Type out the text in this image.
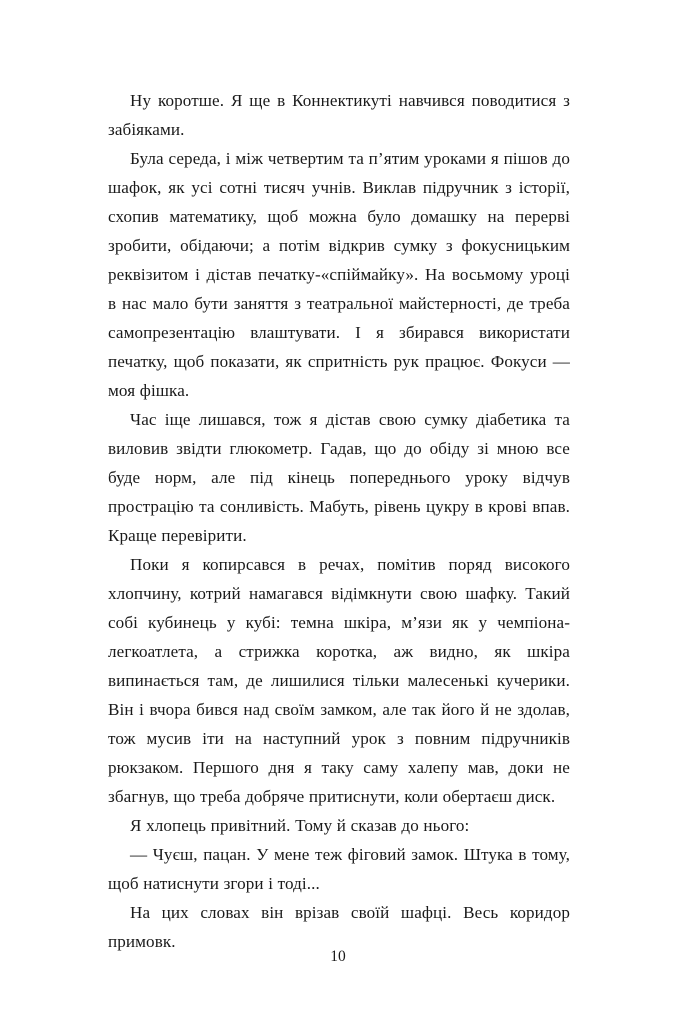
Ну коротше. Я ще в Коннектикуті навчився поводитися з забіяками.

Була середа, і між четвертим та п’ятим уроками я пішов до шафок, як усі сотні тисяч учнів. Виклав підручник з історії, схопив математику, щоб можна було домашку на перерві зробити, обідаючи; а потім відкрив сумку з фокусницьким реквізитом і дістав печатку-«спіймайку». На восьмому уроці в нас мало бути заняття з театральної майстерності, де треба самопрезентацію влаштувати. І я збирався використати печатку, щоб показати, як спритність рук працює. Фокуси — моя фішка.

Час іще лишався, тож я дістав свою сумку діабетика та виловив звідти глюкометр. Гадав, що до обіду зі мною все буде норм, але під кінець попереднього уроку відчув прострацію та сонливість. Мабуть, рівень цукру в крові впав. Краще перевірити.

Поки я копирсався в речах, помітив поряд високого хлопчину, котрий намагався відімкнути свою шафку. Такий собі кубинець у кубі: темна шкіра, м’язи як у чемпіона-легкоатлета, а стрижка коротка, аж видно, як шкіра випинається там, де лишилися тільки малесенькі кучерики. Він і вчора бився над своїм замком, але так його й не здолав, тож мусив іти на наступний урок з повним підручників рюкзаком. Першого дня я таку саму халепу мав, доки не збагнув, що треба добряче притиснути, коли обертаєш диск.

Я хлопець привітний. Тому й сказав до нього:

— Чуєш, пацан. У мене теж фіговий замок. Штука в тому, щоб натиснути згори і тоді...

На цих словах він врізав своїй шафці. Весь коридор примовк.

10
